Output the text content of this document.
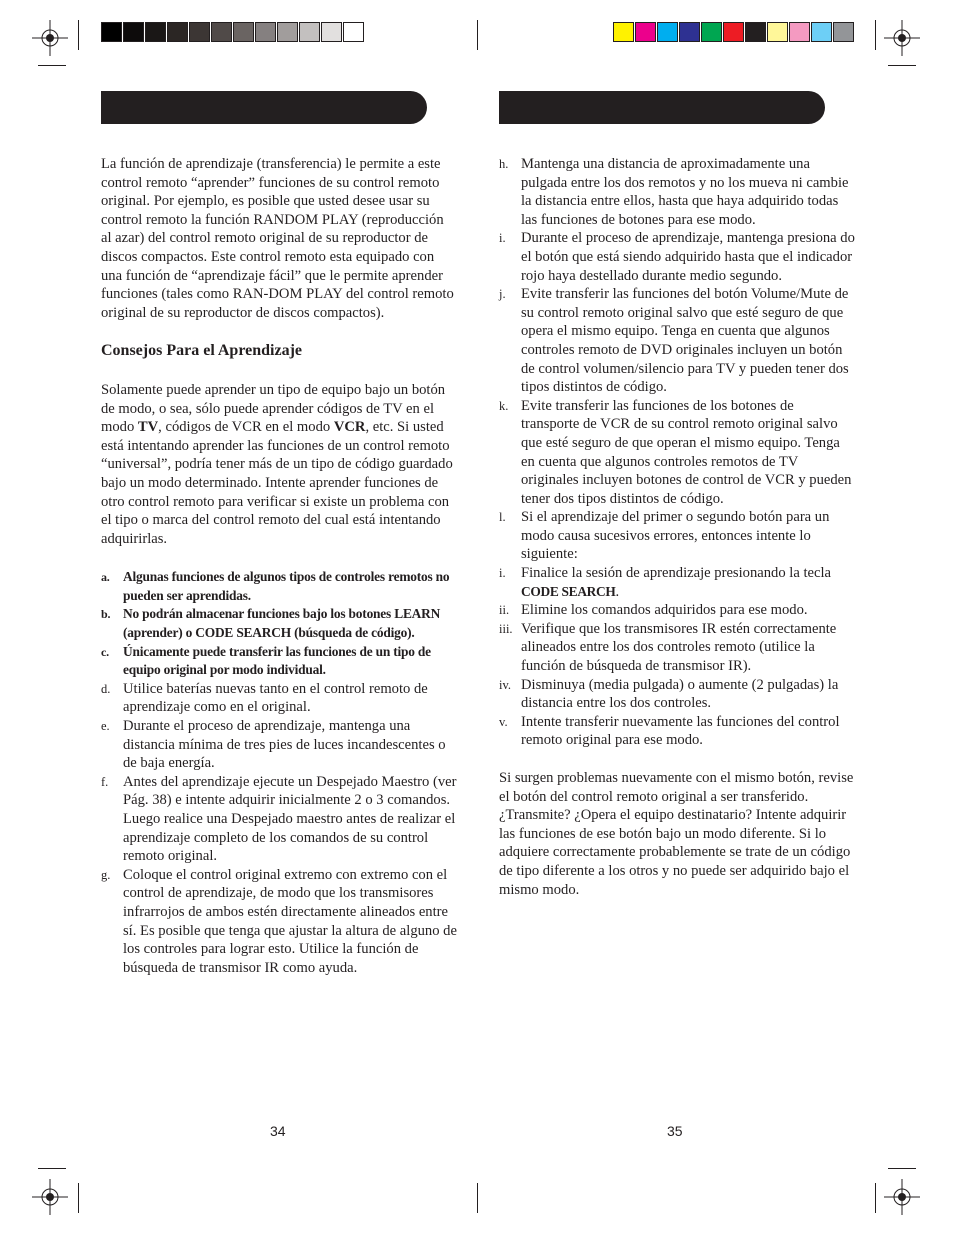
La función de aprendizaje (transferencia) le permite a este control remoto “aprender” funciones de su control remoto original. Por ejemplo, es posible que usted desee usar su control remoto la función RANDOM PLAY (reproducción al azar) del control remoto original de su reproductor de discos compactos. Este control remoto esta equipado con una función de “aprendizaje fácil” que le permite aprender funciones (tales como RAN-DOM PLAY del control remoto original de su reproductor de discos compactos).

Consejos Para el Aprendizaje

Solamente puede aprender un tipo de equipo bajo un botón de modo, o sea, sólo puede aprender códigos de TV en el modo TV, códigos de VCR en el modo VCR, etc. Si usted está intentando aprender las funciones de un control remoto “universal”, podría tener más de un tipo de código guardado bajo un modo determinado. Intente aprender funciones de otro control remoto para verificar si existe un problema con el tipo o marca del control remoto del cual está intentando adquirirlas.

a. Algunas funciones de algunos tipos de controles remotos no pueden ser aprendidas.
b. No podrán almacenar funciones bajo los botones LEARN (aprender) o CODE SEARCH (búsqueda de código).
c. Únicamente puede transferir las funciones de un tipo de equipo original por modo individual.
d. Utilice baterías nuevas tanto en el control remoto de aprendizaje como en el original.
e. Durante el proceso de aprendizaje, mantenga una distancia mínima de tres pies de luces incandescentes o de baja energía.
f. Antes del aprendizaje ejecute un Despejado Maestro (ver Pág. 38) e intente adquirir inicialmente 2 o 3 comandos. Luego realice una Despejado maestro antes de realizar el aprendizaje completo de los comandos de su control remoto original.
g. Coloque el control original extremo con extremo con el control de aprendizaje, de modo que los transmisores infrarrojos de ambos estén directamente alineados entre sí. Es posible que tenga que ajustar la altura de alguno de los controles para lograr esto. Utilice la función de búsqueda de transmisor IR como ayuda.
h. Mantenga una distancia de aproximadamente una pulgada entre los dos remotos y no los mueva ni cambie la distancia entre ellos, hasta que haya adquirido todas las funciones de botones para ese modo.
i. Durante el proceso de aprendizaje, mantenga presiona do el botón que está siendo adquirido hasta que el indicador rojo haya destellado durante medio segundo.
j. Evite transferir las funciones del botón Volume/Mute de su control remoto original salvo que esté seguro de que opera el mismo equipo. Tenga en cuenta que algunos controles remoto de DVD originales incluyen un botón de control volumen/silencio para TV y pueden tener dos tipos distintos de código.
k. Evite transferir las funciones de los botones de transporte de VCR de su control remoto original salvo que esté seguro de que operan el mismo equipo. Tenga en cuenta que algunos controles remotos de TV originales incluyen botones de control de VCR y pueden tener dos tipos distintos de código.
l. Si el aprendizaje del primer o segundo botón para un modo causa sucesivos errores, entonces intente lo siguiente:
i. Finalice la sesión de aprendizaje presionando la tecla CODE SEARCH.
ii. Elimine los comandos adquiridos para ese modo.
iii. Verifique que los transmisores IR estén correctamente alineados entre los dos controles remoto (utilice la función de búsqueda de transmisor IR).
iv. Disminuya (media pulgada) o aumente (2 pulgadas) la distancia entre los dos controles.
v. Intente transferir nuevamente las funciones del control remoto original para ese modo.

Si surgen problemas nuevamente con el mismo botón, revise el botón del control remoto original a ser transferido. ¿Transmite? ¿Opera el equipo destinatario? Intente adquirir las funciones de ese botón bajo un modo diferente. Si lo adquiere correctamente probablemente se trate de un código de tipo diferente a los otros y no puede ser adquirido bajo el mismo modo.

34	35
